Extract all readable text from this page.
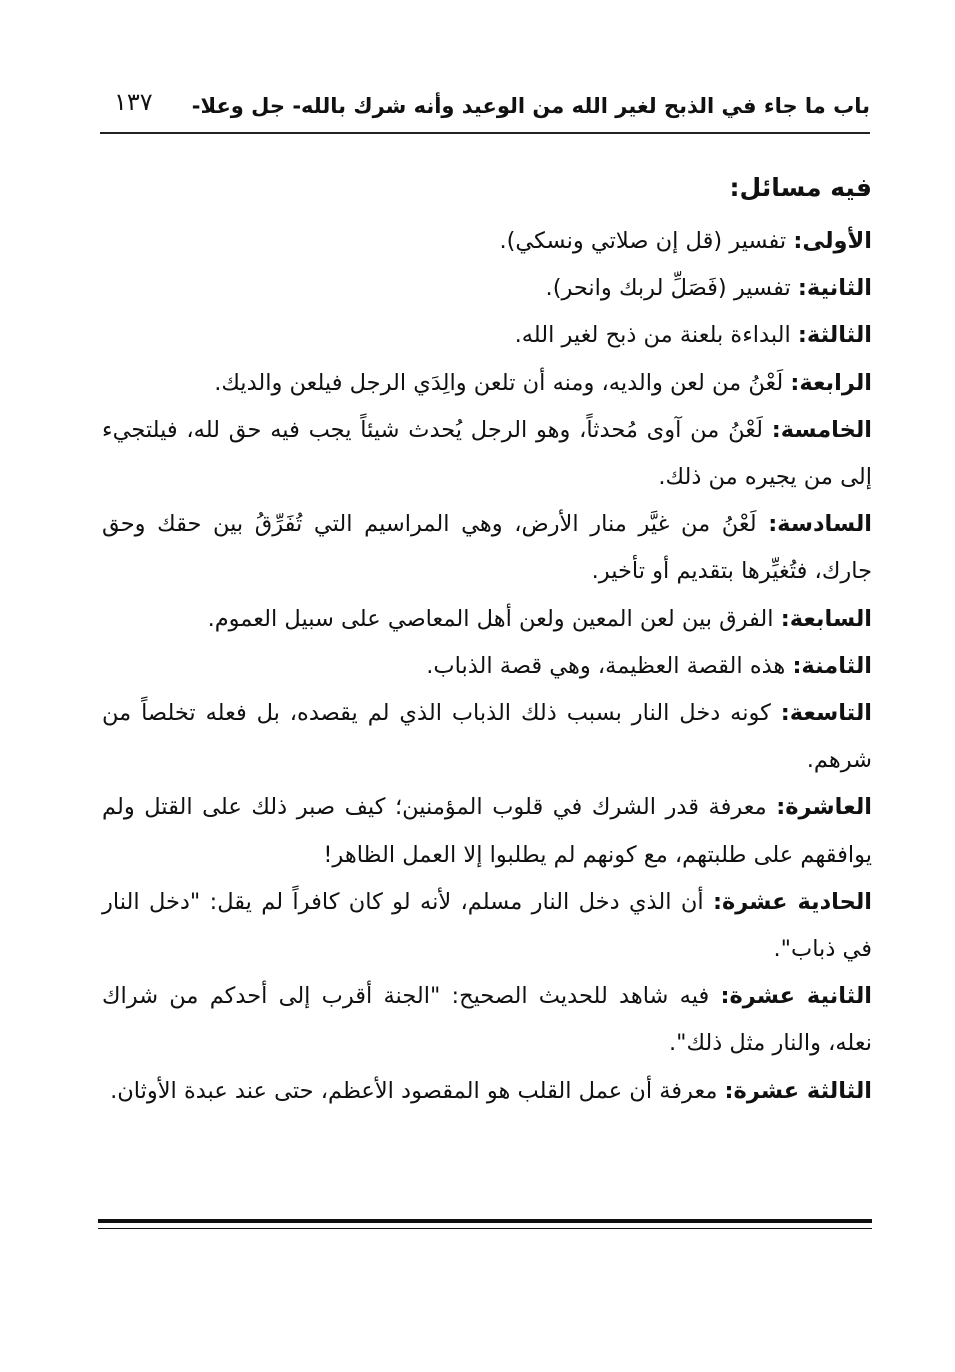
باب ما جاء في الذبح لغير الله من الوعيد وأنه شرك بالله- جل وعلا-
١٣٧
فيه مسائل:

الأولى: تفسير (قل إن صلاتي ونسكي).

الثانية: تفسير (فَصَلِّ لربك وانحر).

الثالثة: البداءة بلعنة من ذبح لغير الله.

الرابعة: لَعْنُ من لعن والديه، ومنه أن تلعن والِدَي الرجل فيلعن والديك.

الخامسة: لَعْنُ من آوى مُحدثاً، وهو الرجل يُحدث شيئاً يجب فيه حق لله، فيلتجيء إلى من يجيره من ذلك.

السادسة: لَعْنُ من غيَّر منار الأرض، وهي المراسيم التي تُفَرِّقُ بين حقك وحق جارك، فتُغيِّرها بتقديم أو تأخير.

السابعة: الفرق بين لعن المعين ولعن أهل المعاصي على سبيل العموم.

الثامنة: هذه القصة العظيمة، وهي قصة الذباب.

التاسعة: كونه دخل النار بسبب ذلك الذباب الذي لم يقصده، بل فعله تخلصاً من شرهم.

العاشرة: معرفة قدر الشرك في قلوب المؤمنين؛ كيف صبر ذلك على القتل ولم يوافقهم على طلبتهم، مع كونهم لم يطلبوا إلا العمل الظاهر!

الحادية عشرة: أن الذي دخل النار مسلم، لأنه لو كان كافراً لم يقل: "دخل النار في ذباب".

الثانية عشرة: فيه شاهد للحديث الصحيح: "الجنة أقرب إلى أحدكم من شراك نعله، والنار مثل ذلك".

الثالثة عشرة: معرفة أن عمل القلب هو المقصود الأعظم، حتى عند عبدة الأوثان.
